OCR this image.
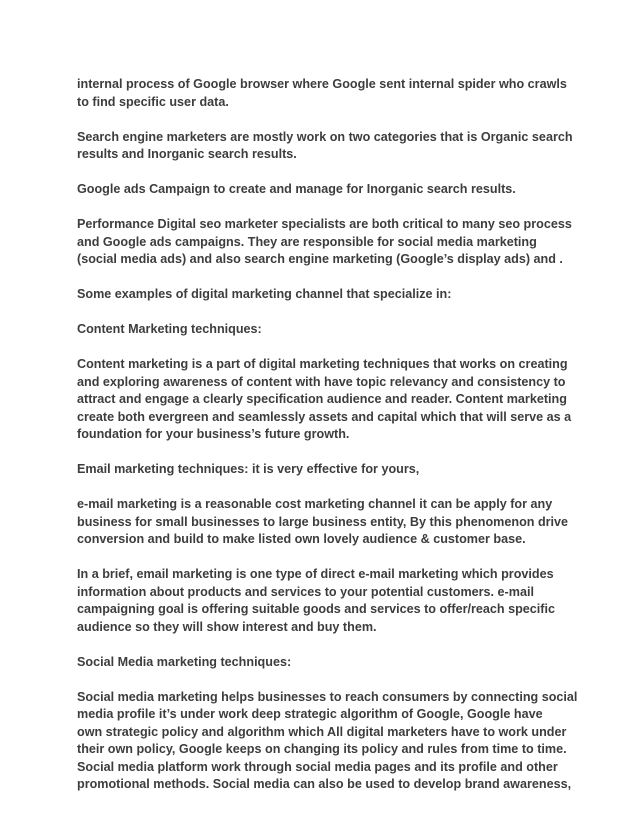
internal process of Google browser where Google sent internal spider who crawls
to find specific user data.

Search engine marketers are mostly work on two categories that is Organic search
results and Inorganic search results.

Google ads Campaign to create and manage for Inorganic search results.

Performance Digital seo marketer specialists are both critical to many seo process
and Google ads campaigns. They are responsible for social media marketing
(social media ads) and also search engine marketing (Google’s display ads) and .

Some examples of digital marketing channel that specialize in:

Content Marketing techniques:

Content marketing is a part of digital marketing techniques that works on creating
and exploring awareness of content with have topic relevancy and consistency to
attract and engage a clearly specification audience and reader. Content marketing
create both evergreen and seamlessly assets and capital which that will serve as a
foundation for your business’s future growth.

Email marketing techniques: it is very effective for yours,

e-mail marketing is a reasonable cost marketing channel it can be apply for any
business for small businesses to large business entity, By this phenomenon drive
conversion and build to make listed own lovely audience & customer base.

In a brief, email marketing is one type of direct e-mail marketing which provides
information about products and services to your potential customers. e-mail
campaigning goal is offering suitable goods and services to offer/reach specific
audience so they will show interest and buy them.

Social Media marketing techniques:

Social media marketing helps businesses to reach consumers by connecting social
media profile it’s under work deep strategic algorithm of Google, Google have
own strategic policy and algorithm which All digital marketers have to work under
their own policy, Google keeps on changing its policy and rules from time to time.
Social media platform work through social media pages and its profile and other
promotional methods. Social media can also be used to develop brand awareness,
